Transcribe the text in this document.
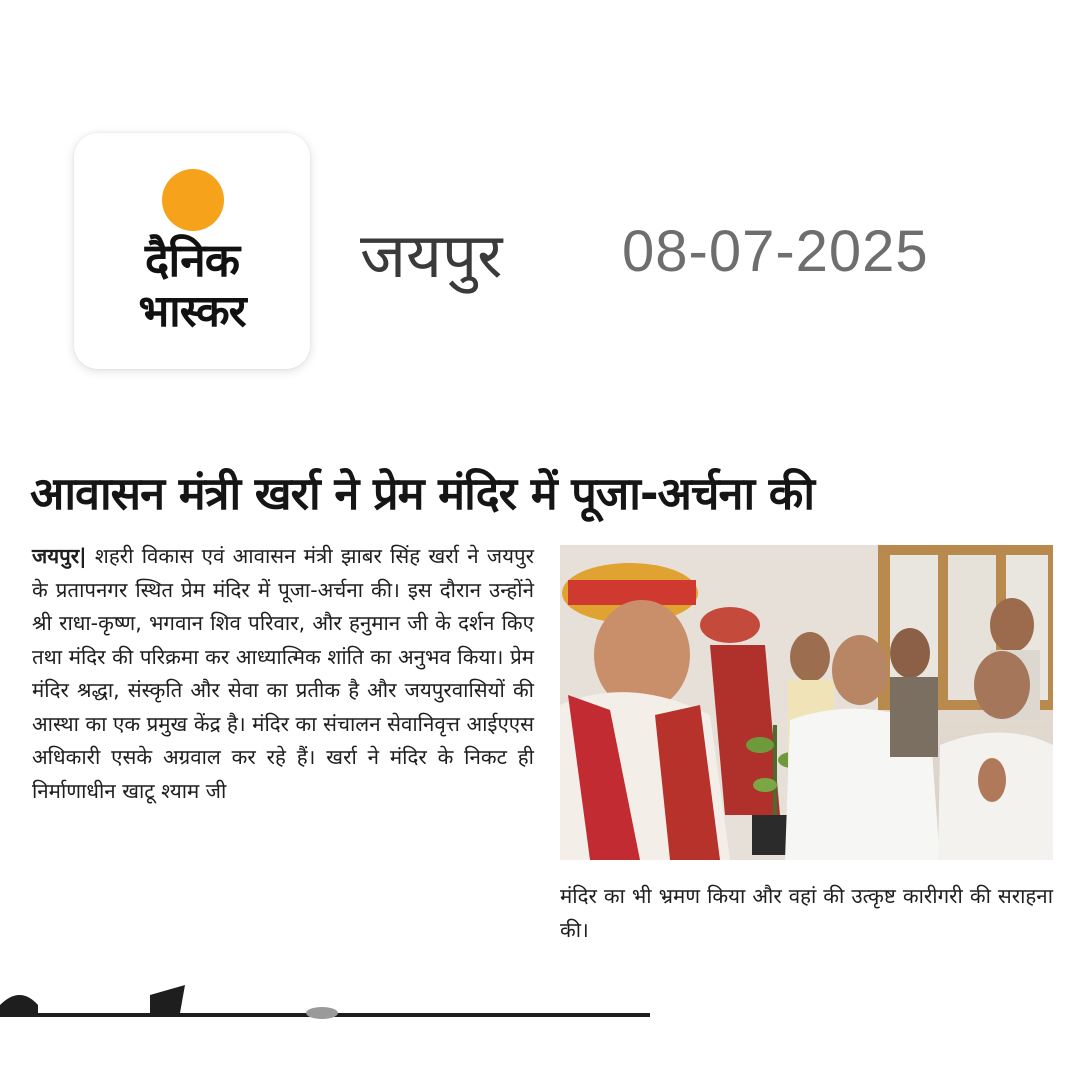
दैनिक
भास्कर
जयपुर 08-07-2025
आवासन मंत्री खर्रा ने प्रेम मंदिर में पूजा-अर्चना की
जयपुर| शहरी विकास एवं आवासन मंत्री झाबर सिंह खर्रा ने जयपुर के प्रतापनगर स्थित प्रेम मंदिर में पूजा-अर्चना की। इस दौरान उन्होंने श्री राधा-कृष्ण, भगवान शिव परिवार, और हनुमान जी के दर्शन किए तथा मंदिर की परिक्रमा कर आध्यात्मिक शांति का अनुभव किया। प्रेम मंदिर श्रद्धा, संस्कृति और सेवा का प्रतीक है और जयपुरवासियों की आस्था का एक प्रमुख केंद्र है। मंदिर का संचालन सेवानिवृत्त आईएएस अधिकारी एसके अग्रवाल कर रहे हैं। खर्रा ने मंदिर के निकट ही निर्माणाधीन खाटू श्याम जी
मंदिर का भी भ्रमण किया और वहां की उत्कृष्ट कारीगरी की सराहना की।
